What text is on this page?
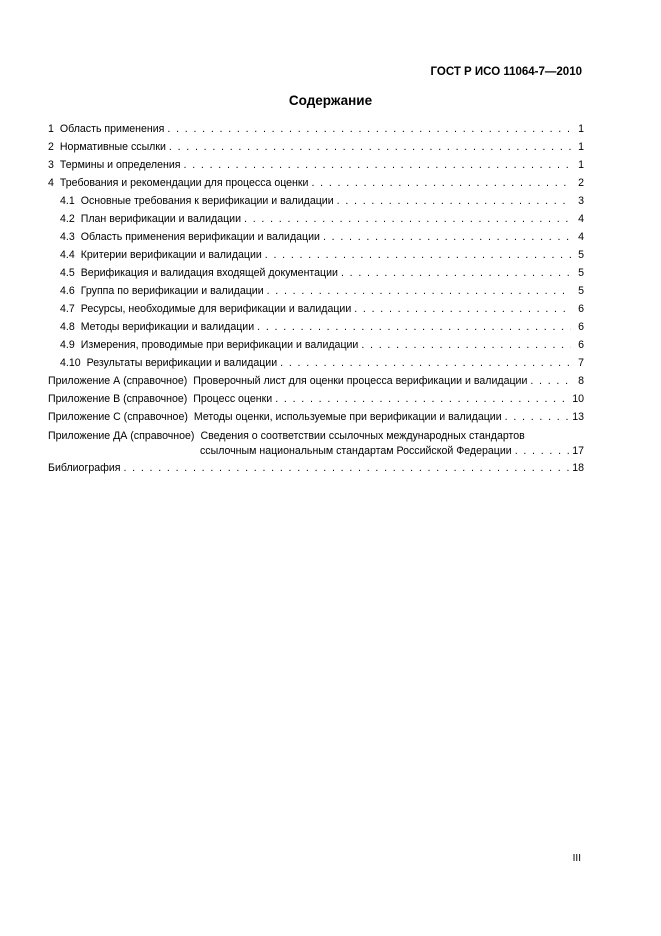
ГОСТ Р ИСО 11064-7—2010
Содержание
1 Область применения . . .	1
2 Нормативные ссылки . . .	1
3 Термины и определения . . .	1
4 Требования и рекомендации для процесса оценки . . .	2
4.1 Основные требования к верификации и валидации . . .	3
4.2 План верификации и валидации . . .	4
4.3 Область применения верификации и валидации . . .	4
4.4 Критерии верификации и валидации . . .	5
4.5 Верификация и валидация входящей документации . . .	5
4.6 Группа по верификации и валидации . . .	5
4.7 Ресурсы, необходимые для верификации и валидации . . .	6
4.8 Методы верификации и валидации . . .	6
4.9 Измерения, проводимые при верификации и валидации . . .	6
4.10 Результаты верификации и валидации . . .	7
Приложение А (справочное) Проверочный лист для оценки процесса верификации и валидации . . .	8
Приложение В (справочное) Процесс оценки . . .	10
Приложение С (справочное) Методы оценки, используемые при верификации и валидации . . .	13
Приложение ДА (справочное) Сведения о соответствии ссылочных международных стандартов
ссылочным национальным стандартам Российской Федерации . . .	17
Библиография . . .	18
III
